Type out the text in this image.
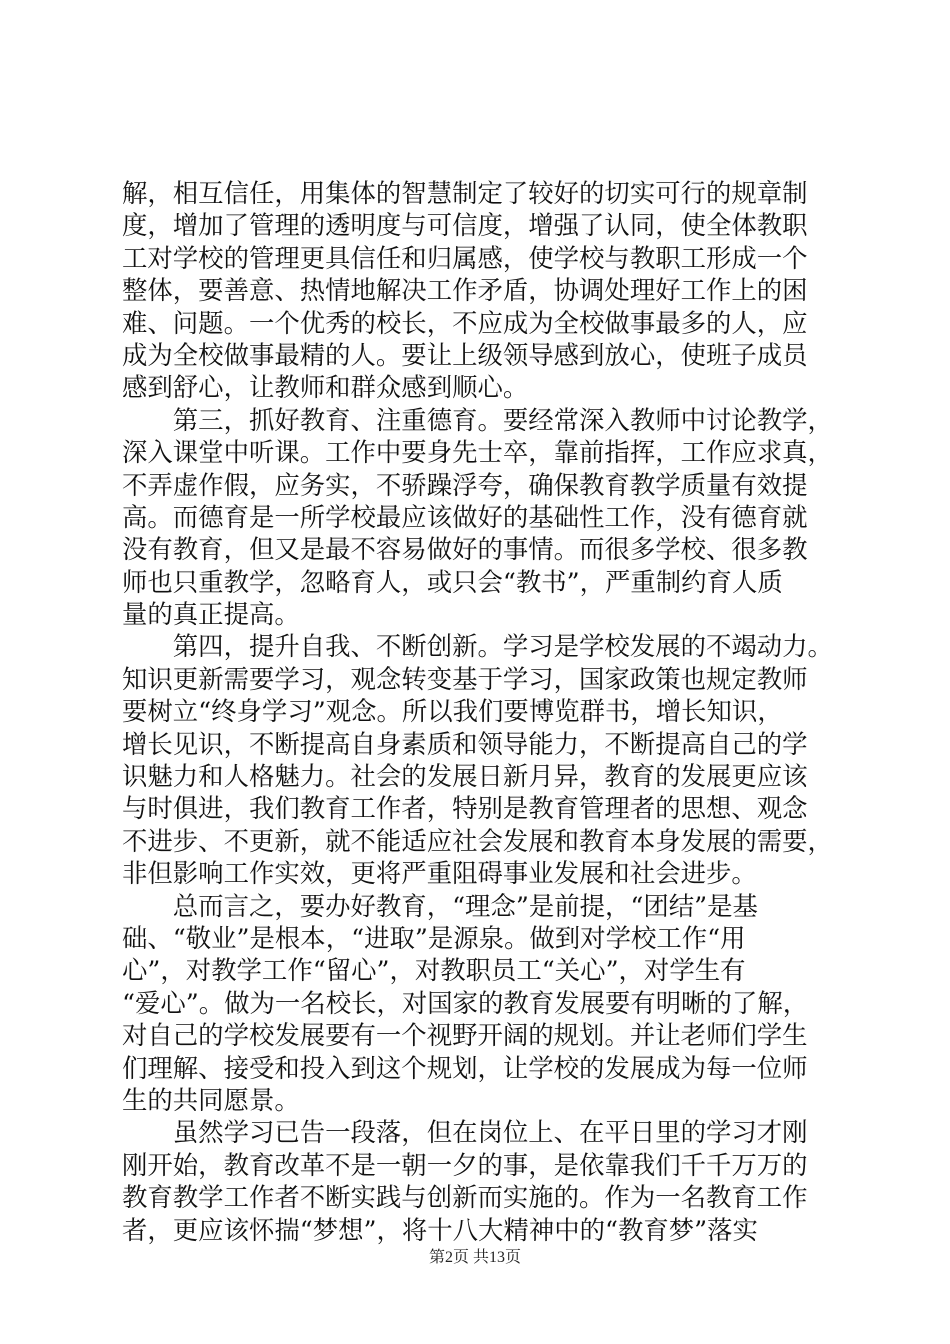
解，相互信任，用集体的智慧制定了较好的切实可行的规章制
度，增加了管理的透明度与可信度，增强了认同，使全体教职
工对学校的管理更具信任和归属感，使学校与教职工形成一个
整体，要善意、热情地解决工作矛盾，协调处理好工作上的困
难、问题。一个优秀的校长，不应成为全校做事最多的人，应
成为全校做事最精的人。要让上级领导感到放心，使班子成员
感到舒心，让教师和群众感到顺心。
　　第三，抓好教育、注重德育。要经常深入教师中讨论教学，
深入课堂中听课。工作中要身先士卒，靠前指挥，工作应求真，
不弄虚作假，应务实，不骄躁浮夸，确保教育教学质量有效提
高。而德育是一所学校最应该做好的基础性工作，没有德育就
没有教育，但又是最不容易做好的事情。而很多学校、很多教
师也只重教学，忽略育人，或只会“教书”，严重制约育人质
量的真正提高。
　　第四，提升自我、不断创新。学习是学校发展的不竭动力。
知识更新需要学习，观念转变基于学习，国家政策也规定教师
要树立“终身学习”观念。所以我们要博览群书，增长知识，
增长见识，不断提高自身素质和领导能力，不断提高自己的学
识魅力和人格魅力。社会的发展日新月异，教育的发展更应该
与时俱进，我们教育工作者，特别是教育管理者的思想、观念
不进步、不更新，就不能适应社会发展和教育本身发展的需要，
非但影响工作实效，更将严重阻碍事业发展和社会进步。
　　总而言之，要办好教育，“理念”是前提，“团结”是基
础、“敬业”是根本，“进取”是源泉。做到对学校工作“用
心”，对教学工作“留心”，对教职员工“关心”，对学生有
“爱心”。做为一名校长，对国家的教育发展要有明晰的了解，
对自己的学校发展要有一个视野开阔的规划。并让老师们学生
们理解、接受和投入到这个规划，让学校的发展成为每一位师
生的共同愿景。
　　虽然学习已告一段落，但在岗位上、在平日里的学习才刚
刚开始，教育改革不是一朝一夕的事，是依靠我们千千万万的
教育教学工作者不断实践与创新而实施的。作为一名教育工作
者，更应该怀揣“梦想”，将十八大精神中的“教育梦”落实
第2页 共13页
